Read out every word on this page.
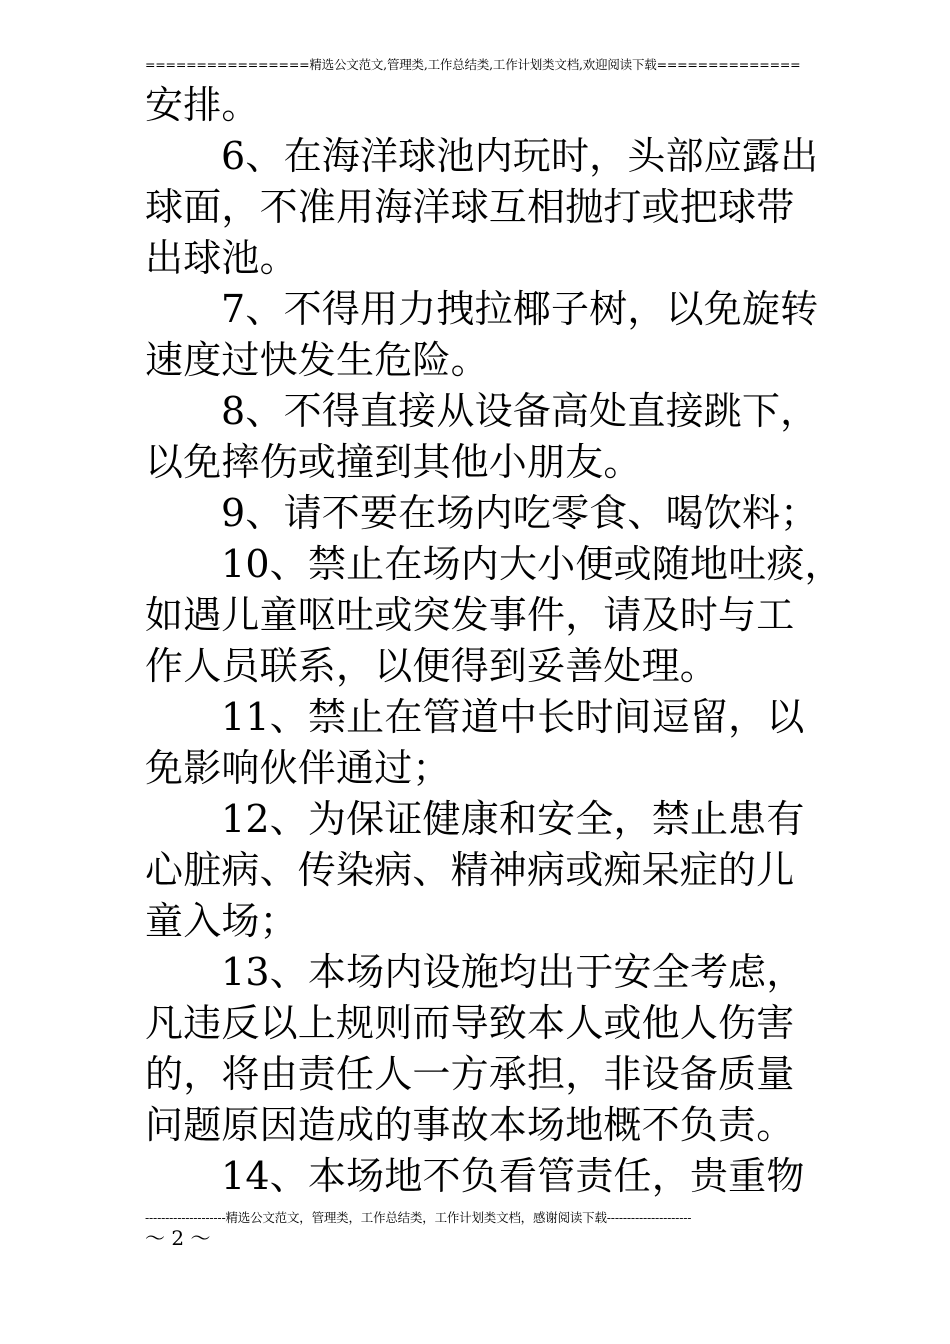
================精选公文范文,管理类,工作总结类,工作计划类文档,欢迎阅读下载==============
安排。
6、在海洋球池内玩时，头部应露出
球面，不准用海洋球互相抛打或把球带
出球池。
7、不得用力拽拉椰子树，以免旋转
速度过快发生危险。
8、不得直接从设备高处直接跳下，
以免摔伤或撞到其他小朋友。
9、请不要在场内吃零食、喝饮料；
10、禁止在场内大小便或随地吐痰，
如遇儿童呕吐或突发事件，请及时与工
作人员联系，以便得到妥善处理。
11、禁止在管道中长时间逗留，以
免影响伙伴通过；
12、为保证健康和安全，禁止患有
心脏病、传染病、精神病或痴呆症的儿
童入场；
13、本场内设施均出于安全考虑，
凡违反以上规则而导致本人或他人伤害
的，将由责任人一方承担，非设备质量
问题原因造成的事故本场地概不负责。
14、本场地不负看管责任，贵重物
--------------------精选公文范文，管理类，工作总结类，工作计划类文档，感谢阅读下载---------------------
～ 2 ～
